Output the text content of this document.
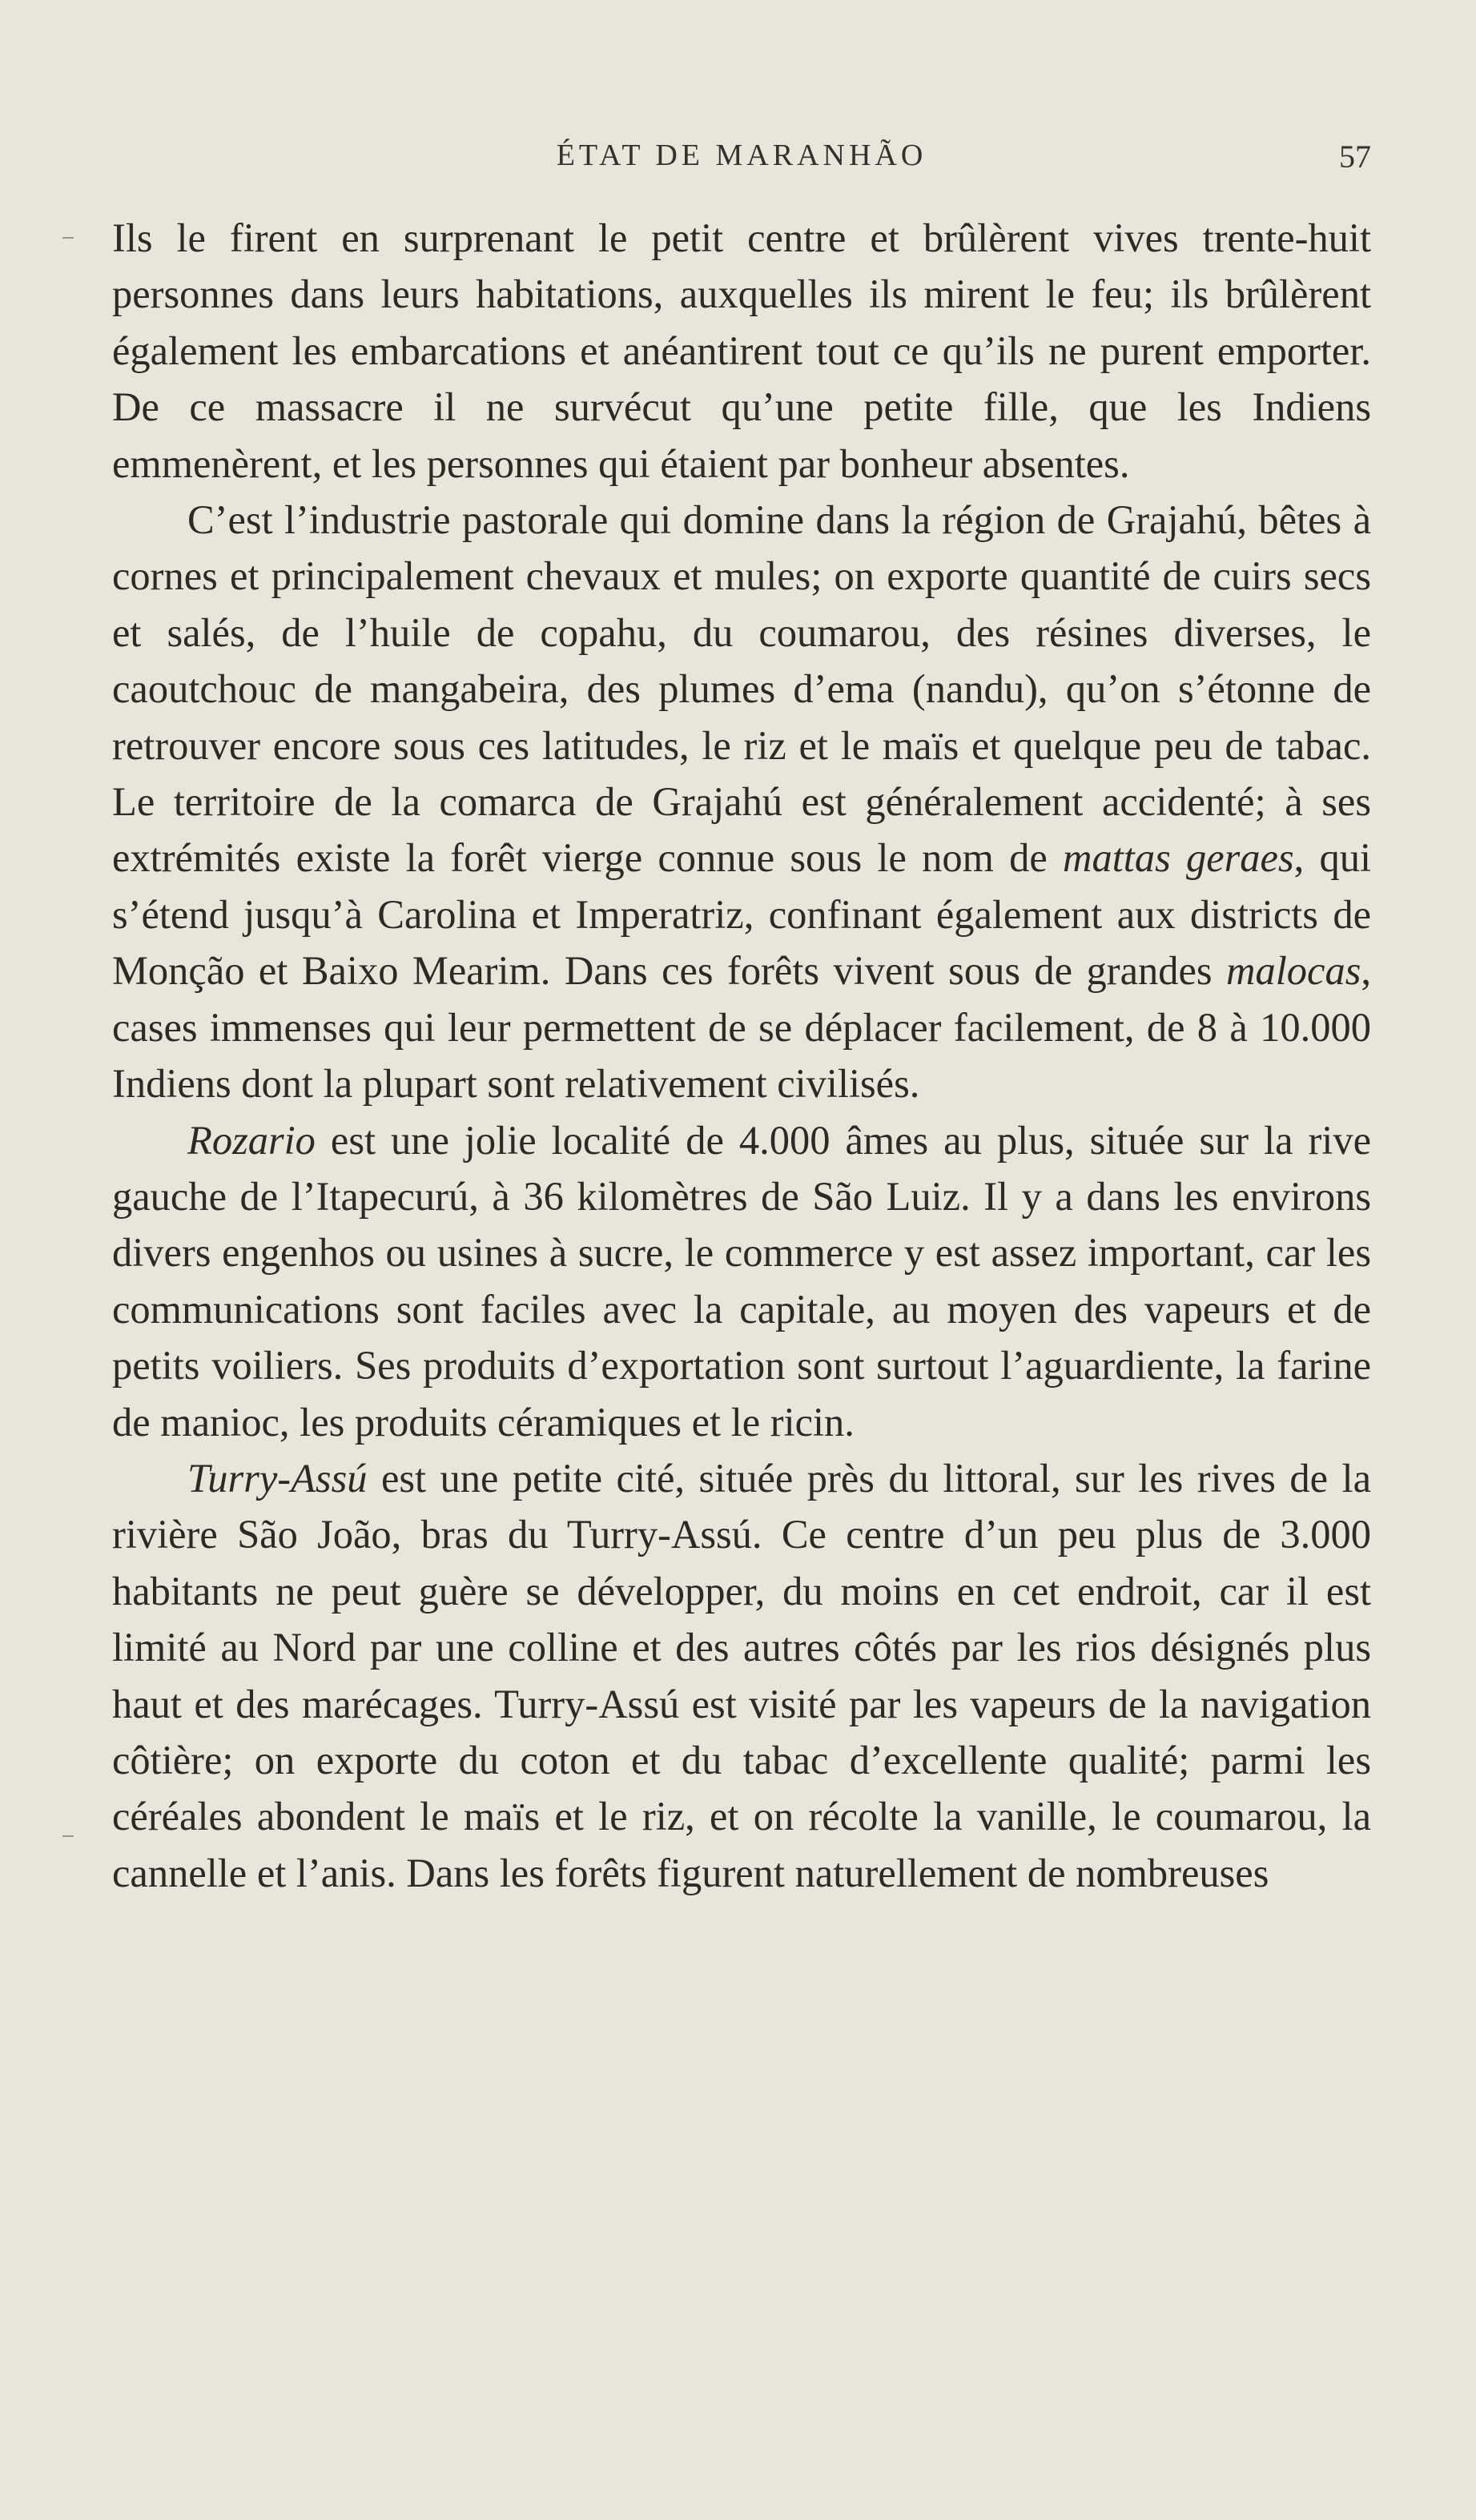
ÉTAT DE MARANHÃO	57

Ils le firent en surprenant le petit centre et brûlèrent vives trente-huit personnes dans leurs habitations, auxquelles ils mirent le feu; ils brûlèrent également les embarcations et anéantirent tout ce qu’ils ne purent emporter. De ce massacre il ne survécut qu’une petite fille, que les Indiens emmenèrent, et les personnes qui étaient par bonheur absentes.

C’est l’industrie pastorale qui domine dans la région de Grajahú, bêtes à cornes et principalement chevaux et mules; on exporte quantité de cuirs secs et salés, de l’huile de copahu, du coumarou, des résines diverses, le caoutchouc de mangabeira, des plumes d’ema (nandu), qu’on s’étonne de retrouver encore sous ces latitudes, le riz et le maïs et quelque peu de tabac. Le territoire de la comarca de Grajahú est généralement accidenté; à ses extrémités existe la forêt vierge connue sous le nom de mattas geraes, qui s’étend jusqu’à Carolina et Imperatriz, confinant également aux districts de Monção et Baixo Mearim. Dans ces forêts vivent sous de grandes malocas, cases immenses qui leur permettent de se déplacer facilement, de 8 à 10.000 Indiens dont la plupart sont relativement civilisés.

Rozario est une jolie localité de 4.000 âmes au plus, située sur la rive gauche de l’Itapecurú, à 36 kilomètres de São Luiz. Il y a dans les environs divers engenhos ou usines à sucre, le commerce y est assez important, car les communications sont faciles avec la capitale, au moyen des vapeurs et de petits voiliers. Ses produits d’exportation sont surtout l’aguardiente, la farine de manioc, les produits céramiques et le ricin.

Turry-Assú est une petite cité, située près du littoral, sur les rives de la rivière São João, bras du Turry-Assú. Ce centre d’un peu plus de 3.000 habitants ne peut guère se développer, du moins en cet endroit, car il est limité au Nord par une colline et des autres côtés par les rios désignés plus haut et des marécages. Turry-Assú est visité par les vapeurs de la navigation côtière; on exporte du coton et du tabac d’excellente qualité; parmi les céréales abondent le maïs et le riz, et on récolte la vanille, le coumarou, la cannelle et l’anis. Dans les forêts figurent naturellement de nombreuses
